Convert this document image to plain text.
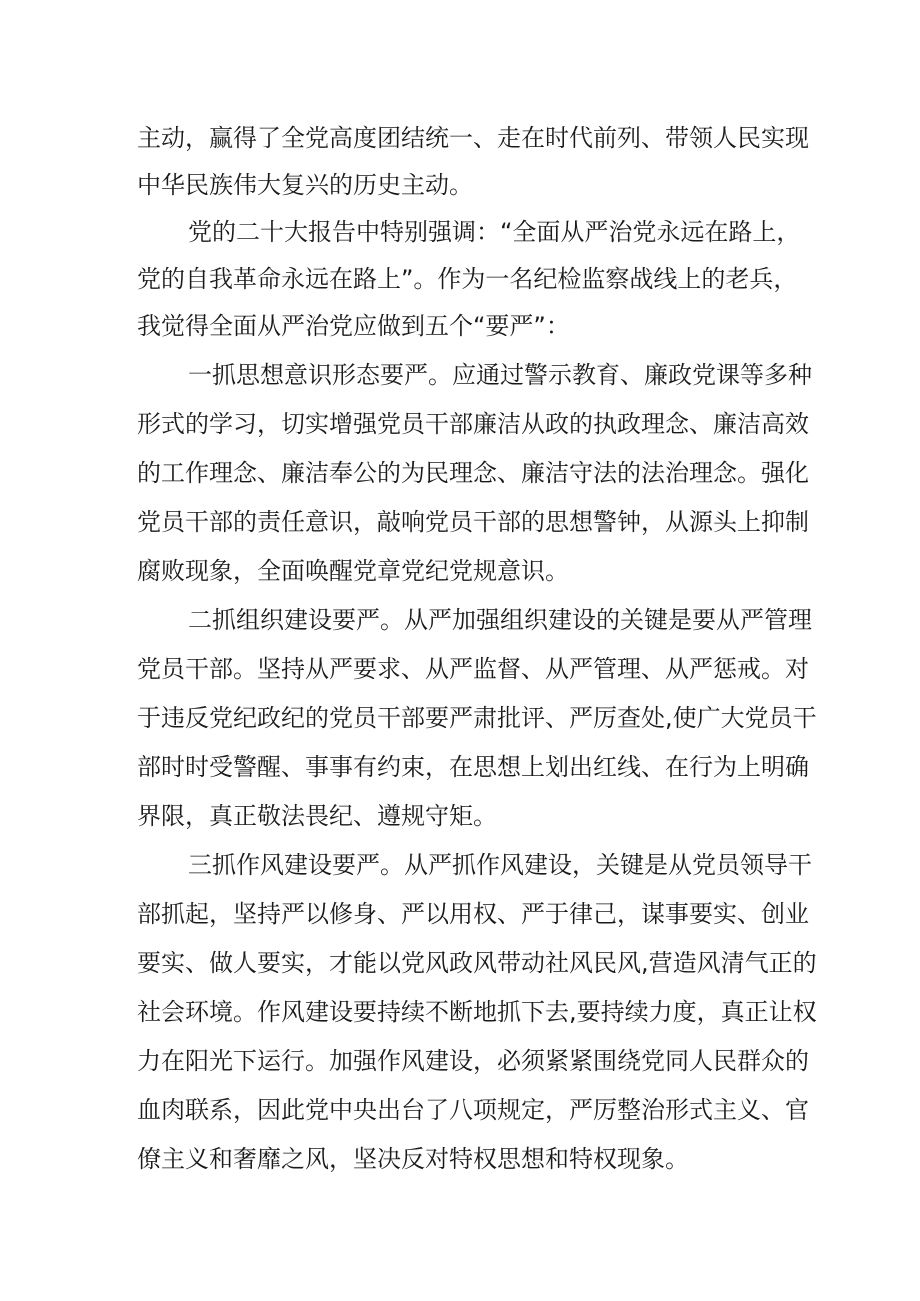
主动，赢得了全党高度团结统一、走在时代前列、带领人民实现
中华民族伟大复兴的历史主动。
党的二十大报告中特别强调：“全面从严治党永远在路上，
党的自我革命永远在路上”。作为一名纪检监察战线上的老兵，
我觉得全面从严治党应做到五个“要严”：
一抓思想意识形态要严。应通过警示教育、廉政党课等多种
形式的学习，切实增强党员干部廉洁从政的执政理念、廉洁高效
的工作理念、廉洁奉公的为民理念、廉洁守法的法治理念。强化
党员干部的责任意识，敲响党员干部的思想警钟，从源头上抑制
腐败现象，全面唤醒党章党纪党规意识。
二抓组织建设要严。从严加强组织建设的关键是要从严管理
党员干部。坚持从严要求、从严监督、从严管理、从严惩戒。对
于违反党纪政纪的党员干部要严肃批评、严厉查处,使广大党员干
部时时受警醒、事事有约束，在思想上划出红线、在行为上明确
界限，真正敬法畏纪、遵规守矩。
三抓作风建设要严。从严抓作风建设，关键是从党员领导干
部抓起，坚持严以修身、严以用权、严于律己，谋事要实、创业
要实、做人要实，才能以党风政风带动社风民风,营造风清气正的
社会环境。作风建设要持续不断地抓下去,要持续力度，真正让权
力在阳光下运行。加强作风建设，必须紧紧围绕党同人民群众的
血肉联系，因此党中央出台了八项规定，严厉整治形式主义、官
僚主义和奢靡之风，坚决反对特权思想和特权现象。
